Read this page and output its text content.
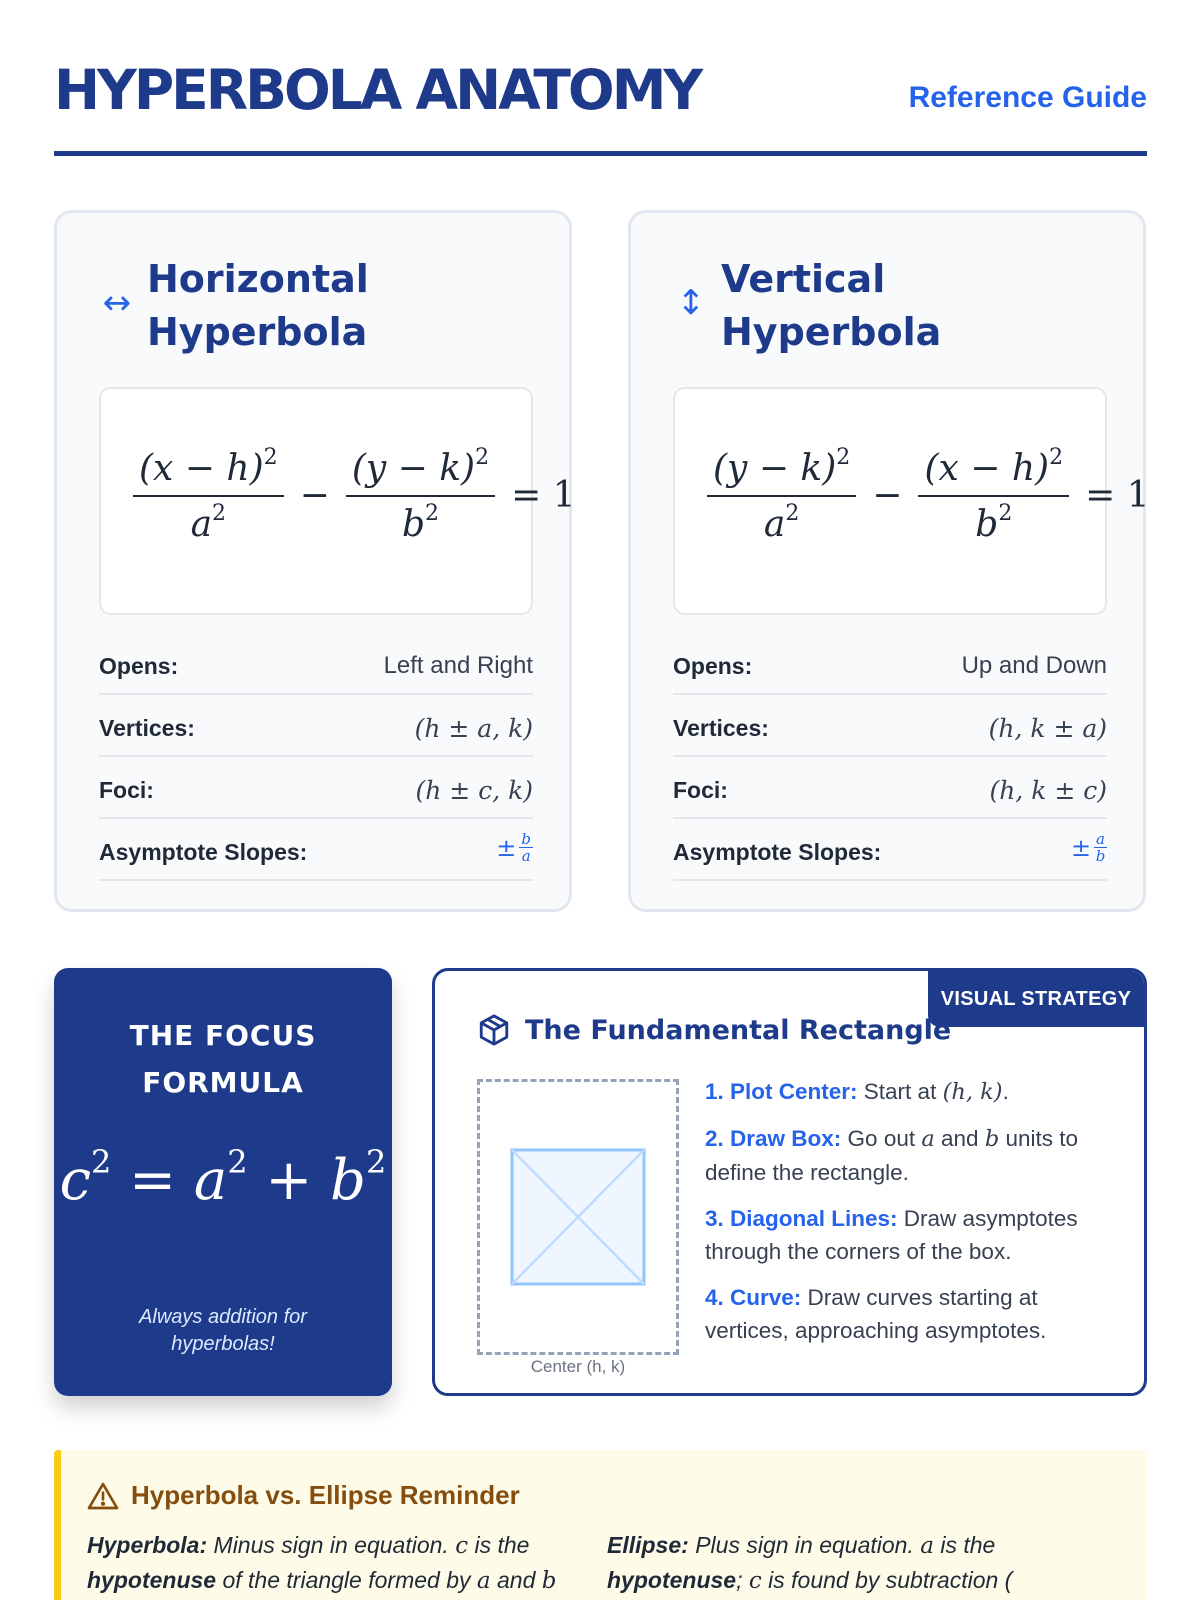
HYPERBOLA ANATOMY	Reference Guide
↔
Horizontal
Hyperbola
$\frac{(x - h)^2}{a^2} - \frac{(y - k)^2}{b^2} = 1$
Opens:	Left and Right
Vertices:	(h ± a, k)
Foci:	(h ± c, k)
Asymptote Slopes:	± $\frac{b}{a}$
↕
Vertical
Hyperbola
$\frac{(y - k)^2}{a^2} - \frac{(x - h)^2}{b^2} = 1$
Opens:	Up and Down
Vertices:	(h, k ± a)
Foci:	(h, k ± c)
Asymptote Slopes:	± $\frac{a}{b}$
THE FOCUS
FORMULA
$c^2 = a^2 + b^2$
Always addition for hyperbolas!
VISUAL STRATEGY
The Fundamental Rectangle
Center (h, k)
1. Plot Center: Start at (h, k).
2. Draw Box: Go out a and b units to define the rectangle.
3. Diagonal Lines: Draw asymptotes through the corners of the box.
4. Curve: Draw curves starting at vertices, approaching asymptotes.
Hyperbola vs. Ellipse Reminder
Hyperbola: Minus sign in equation. c is the hypotenuse of the triangle formed by a and b
Ellipse: Plus sign in equation. a is the hypotenuse; c is found by subtraction (
